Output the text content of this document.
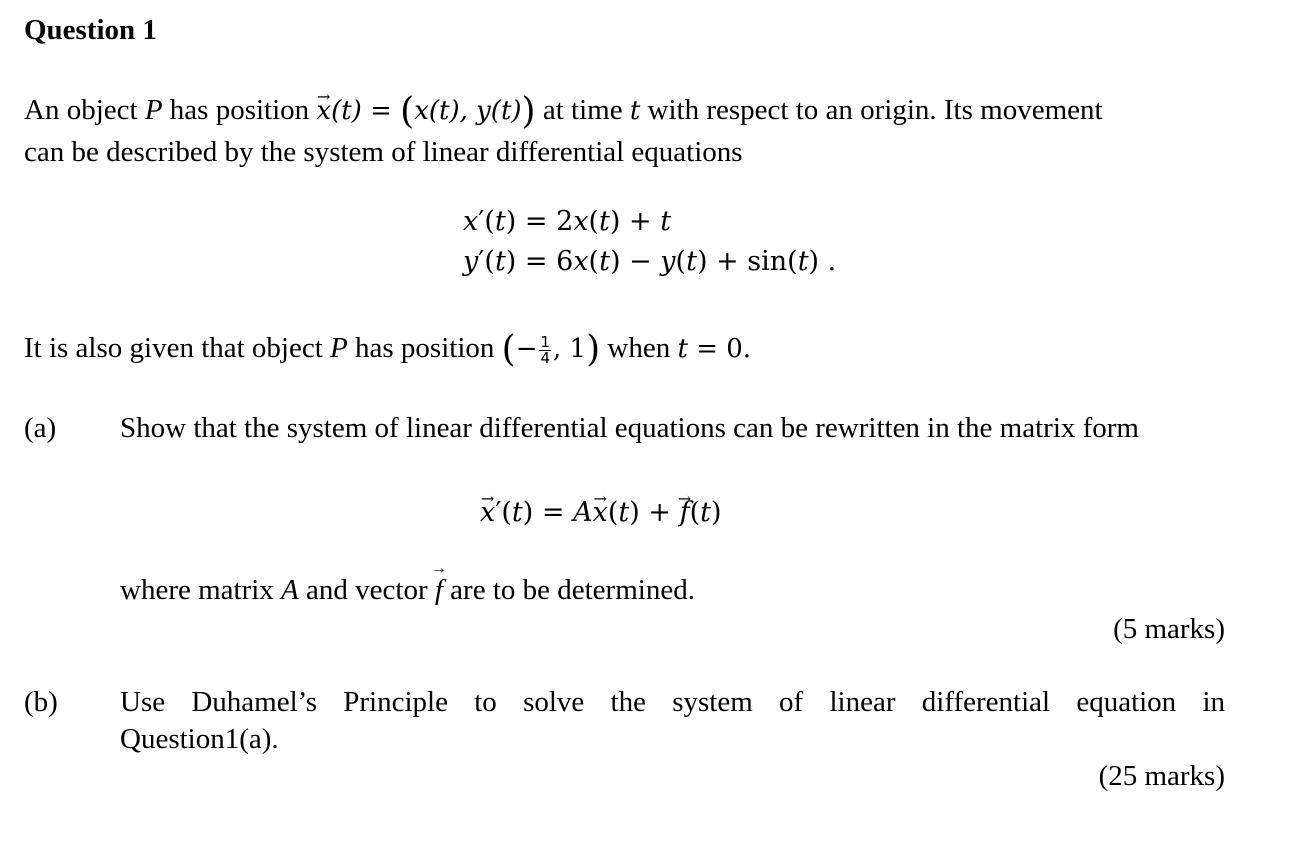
Question 1
An object P has position → x(t) = (x(t), y(t)) at time t with respect to an origin. Its movement
can be described by the system of linear differential equations
x′(t) = 2x(t) + t
y′(t) = 6x(t) − y(t) + sin(t) .
It is also given that object P has position (− $\frac{1}{4}$ , 1) when t = 0.
(a) Show that the system of linear differential equations can be rewritten in the matrix form
→ x′(t) = A→ x(t) + → f(t)
where matrix A and vector → f are to be determined.
(5 marks)
(b) Use Duhamel’s Principle to solve the system of linear differential equation in
Question1(a).
(25 marks)
